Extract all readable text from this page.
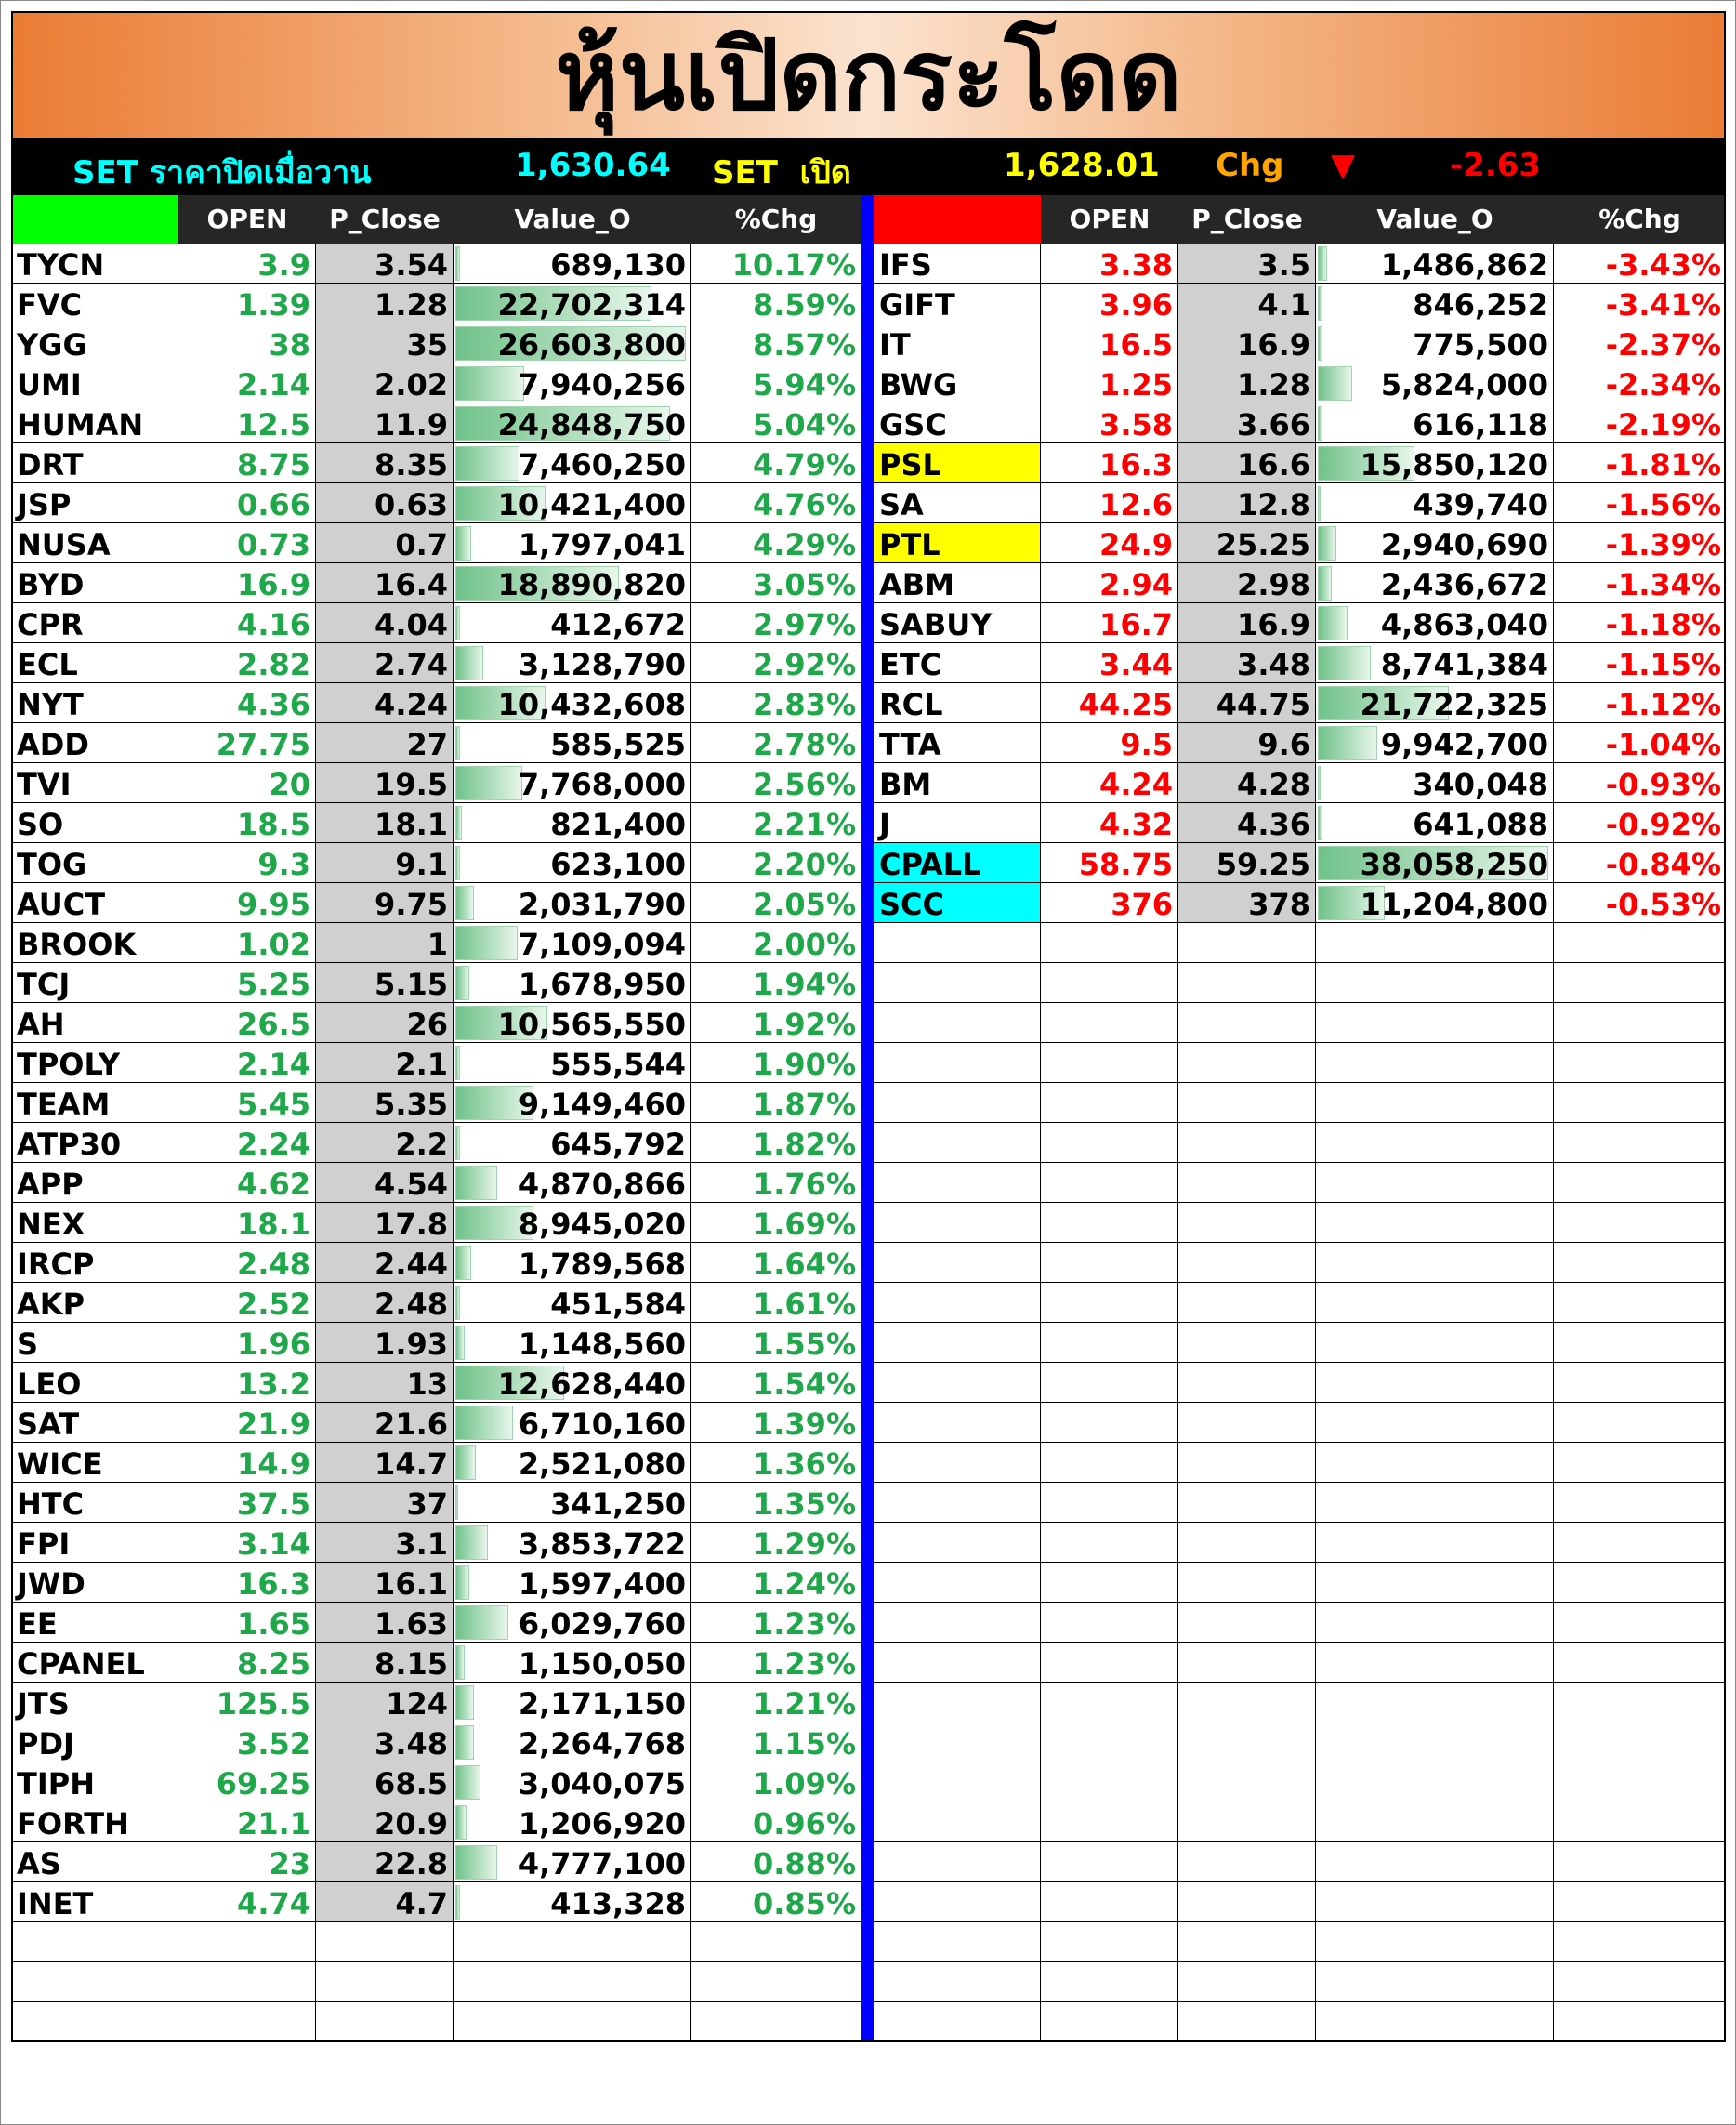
หุ้นเปิดกระโดด
SET ราคาปิดเมื่อวาน	1,630.64 SET เปิด	1,628.01 Chg ▼	-2.63
OPEN	P_Close	Value_O	%Chg	OPEN	P_Close	Value_O	%Chg
TYCN	3.9	3.54	689,130	10.17%
FVC	1.39	1.28	22,702,314	8.59%
YGG	38	35	26,603,800	8.57%
UMI	2.14	2.02	7,940,256	5.94%
HUMAN	12.5	11.9	24,848,750	5.04%
DRT	8.75	8.35	7,460,250	4.79%
JSP	0.66	0.63	10,421,400	4.76%
NUSA	0.73	0.7	1,797,041	4.29%
BYD	16.9	16.4	18,890,820	3.05%
CPR	4.16	4.04	412,672	2.97%
ECL	2.82	2.74	3,128,790	2.92%
NYT	4.36	4.24	10,432,608	2.83%
ADD	27.75	27	585,525	2.78%
TVI	20	19.5	7,768,000	2.56%
SO	18.5	18.1	821,400	2.21%
TOG	9.3	9.1	623,100	2.20%
AUCT	9.95	9.75	2,031,790	2.05%
BROOK	1.02	1	7,109,094	2.00%
TCJ	5.25	5.15	1,678,950	1.94%
AH	26.5	26	10,565,550	1.92%
TPOLY	2.14	2.1	555,544	1.90%
TEAM	5.45	5.35	9,149,460	1.87%
ATP30	2.24	2.2	645,792	1.82%
APP	4.62	4.54	4,870,866	1.76%
NEX	18.1	17.8	8,945,020	1.69%
IRCP	2.48	2.44	1,789,568	1.64%
AKP	2.52	2.48	451,584	1.61%
S	1.96	1.93	1,148,560	1.55%
LEO	13.2	13	12,628,440	1.54%
SAT	21.9	21.6	6,710,160	1.39%
WICE	14.9	14.7	2,521,080	1.36%
HTC	37.5	37	341,250	1.35%
FPI	3.14	3.1	3,853,722	1.29%
JWD	16.3	16.1	1,597,400	1.24%
EE	1.65	1.63	6,029,760	1.23%
CPANEL	8.25	8.15	1,150,050	1.23%
JTS	125.5	124	2,171,150	1.21%
PDJ	3.52	3.48	2,264,768	1.15%
TIPH	69.25	68.5	3,040,075	1.09%
FORTH	21.1	20.9	1,206,920	0.96%
AS	23	22.8	4,777,100	0.88%
INET	4.74	4.7	413,328	0.85%
IFS	3.38	3.5	1,486,862	-3.43%
GIFT	3.96	4.1	846,252	-3.41%
IT	16.5	16.9	775,500	-2.37%
BWG	1.25	1.28	5,824,000	-2.34%
GSC	3.58	3.66	616,118	-2.19%
PSL	16.3	16.6	15,850,120	-1.81%
SA	12.6	12.8	439,740	-1.56%
PTL	24.9	25.25	2,940,690	-1.39%
ABM	2.94	2.98	2,436,672	-1.34%
SABUY	16.7	16.9	4,863,040	-1.18%
ETC	3.44	3.48	8,741,384	-1.15%
RCL	44.25	44.75	21,722,325	-1.12%
TTA	9.5	9.6	9,942,700	-1.04%
BM	4.24	4.28	340,048	-0.93%
J	4.32	4.36	641,088	-0.92%
CPALL	58.75	59.25	38,058,250	-0.84%
SCC	376	378	11,204,800	-0.53%
